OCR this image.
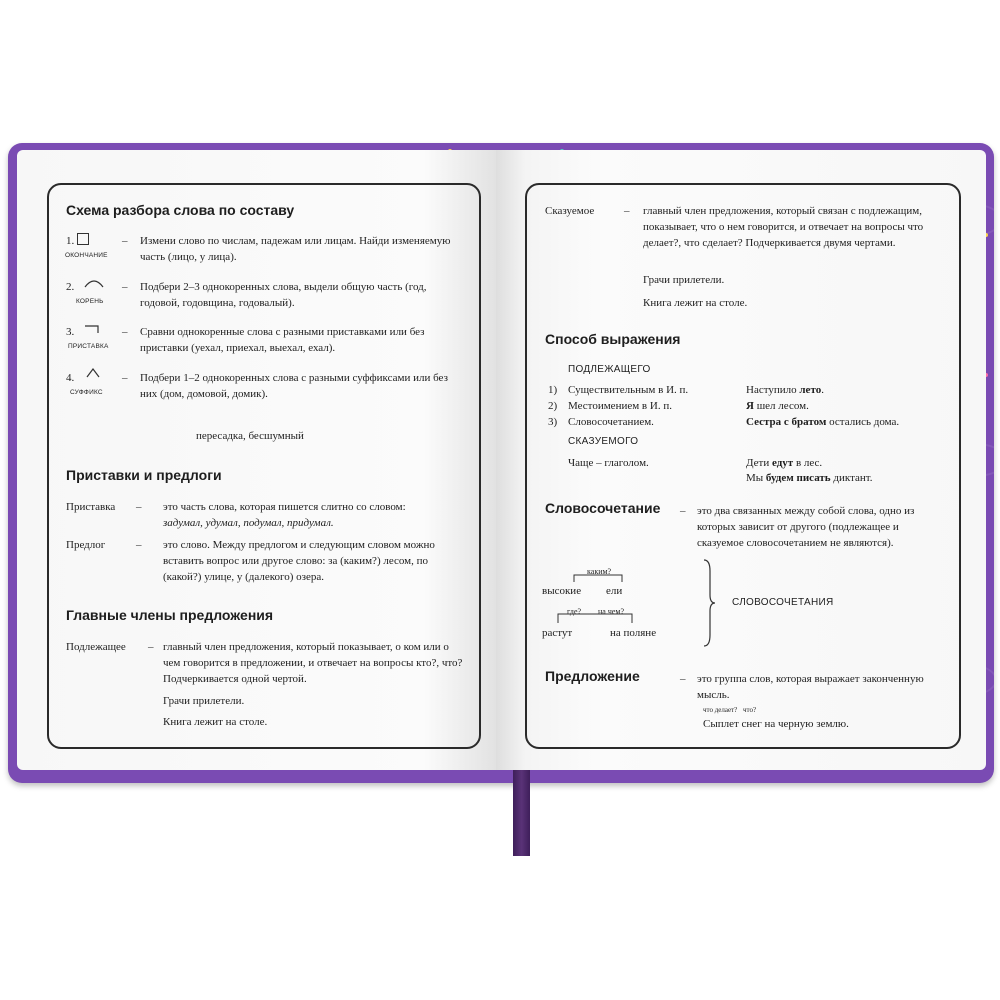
Схема разбора слова по составу
1.
ОКОНЧАНИЕ
– Измени слово по числам, падежам или лицам. Найди изменяемую часть (лицо, у лица).
2.
КОРЕНЬ
– Подбери 2–3 однокоренных слова, выдели общую часть (год, годовой, годовщина, годовалый).
3.
ПРИСТАВКА
– Сравни однокоренные слова с разными приставками или без приставки (уехал, приехал, выехал, ехал).
4.
СУФФИКС
– Подбери 1–2 однокоренных слова с разными суффиксами или без них (дом, домовой, домик).
пересадка, бесшумный
Приставки и предлоги
Приставка – это часть слова, которая пишется слитно со словом:
задумал, удумал, подумал, придумал.
Предлог	– это слово. Между предлогом и следующим словом можно вставить вопрос или другое слово: за (каким?) лесом, по (какой?) улице, у (далекого) озера.
Главные члены предложения
Подлежащее – главный член предложения, который показывает, о ком или о чем говорится в предложении, и отвечает на вопросы кто?, что? Подчеркивается одной чертой.
Грачи прилетели.
Книга лежит на столе.
Сказуемое	– главный член предложения, который связан с подлежащим, показывает, что о нем говорится, и отвечает на вопросы что делает?, что сделает? Подчеркивается двумя чертами.
Грачи прилетели.
Книга лежит на столе.
Способ выражения
ПОДЛЕЖАЩЕГО
1) Существительным в И. п.	Наступило лето.
2) Местоимением в И. п.	Я шел лесом.
3) Словосочетанием.	Сестра с братом остались дома.
СКАЗУЕМОГО
Чаще – глаголом.	Дети едут в лес.
Мы будем писать диктант.
Словосочетание – это два связанных между собой слова, одно из которых зависит от другого (подлежащее и сказуемое словосочетанием не являются).
каким?
высокие ели
где? на чем?
растут	на поляне
СЛОВОСОЧЕТАНИЯ
Предложение	– это группа слов, которая выражает законченную мысль.
что делает? что?
Сыплет снег на черную землю.
